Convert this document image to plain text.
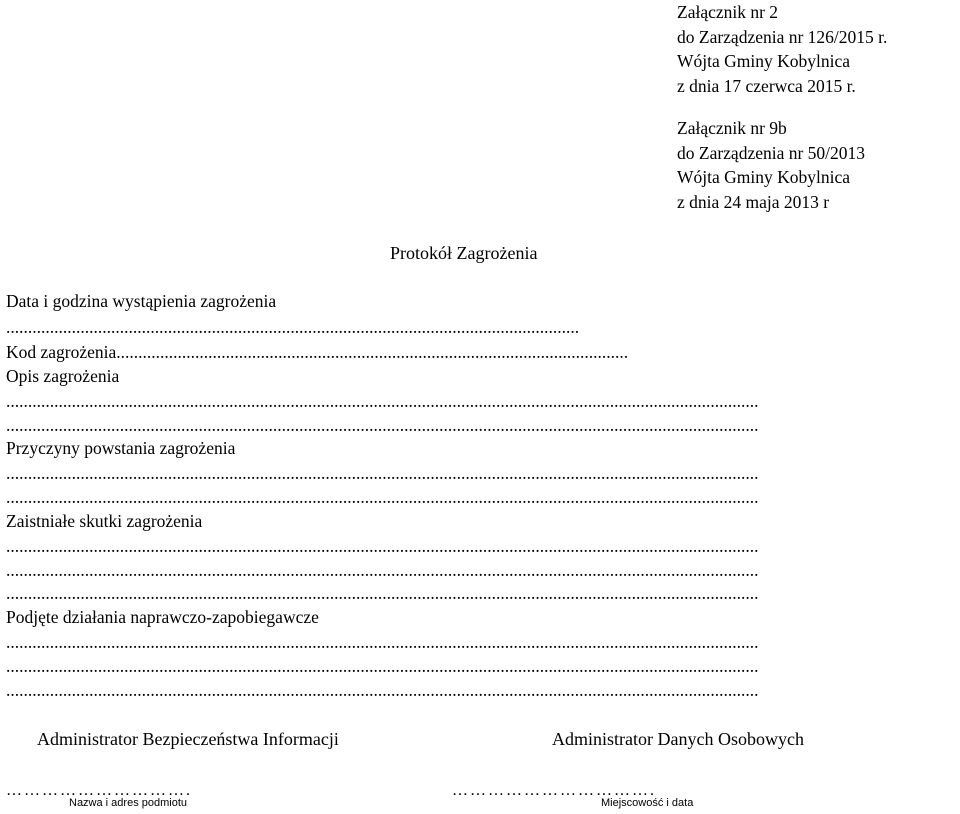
Załącznik nr 2
do Zarządzenia nr 126/2015 r.
Wójta Gminy Kobylnica
z dnia 17 czerwca 2015 r.
Załącznik nr 9b
do Zarządzenia nr 50/2013
Wójta Gminy Kobylnica
z dnia 24 maja 2013 r
Protokół Zagrożenia
Data i godzina wystąpienia zagrożenia
...................................................................................................................................
Kod zagrożenia.....................................................................................................................
Opis zagrożenia
............................................................................................................................................................................
............................................................................................................................................................................
Przyczyny powstania zagrożenia
............................................................................................................................................................................
............................................................................................................................................................................
Zaistniałe skutki zagrożenia
............................................................................................................................................................................
............................................................................................................................................................................
............................................................................................................................................................................
Podjęte działania naprawczo-zapobiegawcze
............................................................................................................................................................................
............................................................................................................................................................................
............................................................................................................................................................................
Administrator Bezpieczeństwa Informacji	Administrator Danych Osobowych
………………………….	…………………………….
Nazwa i adres podmiotu	Miejscowość i data
